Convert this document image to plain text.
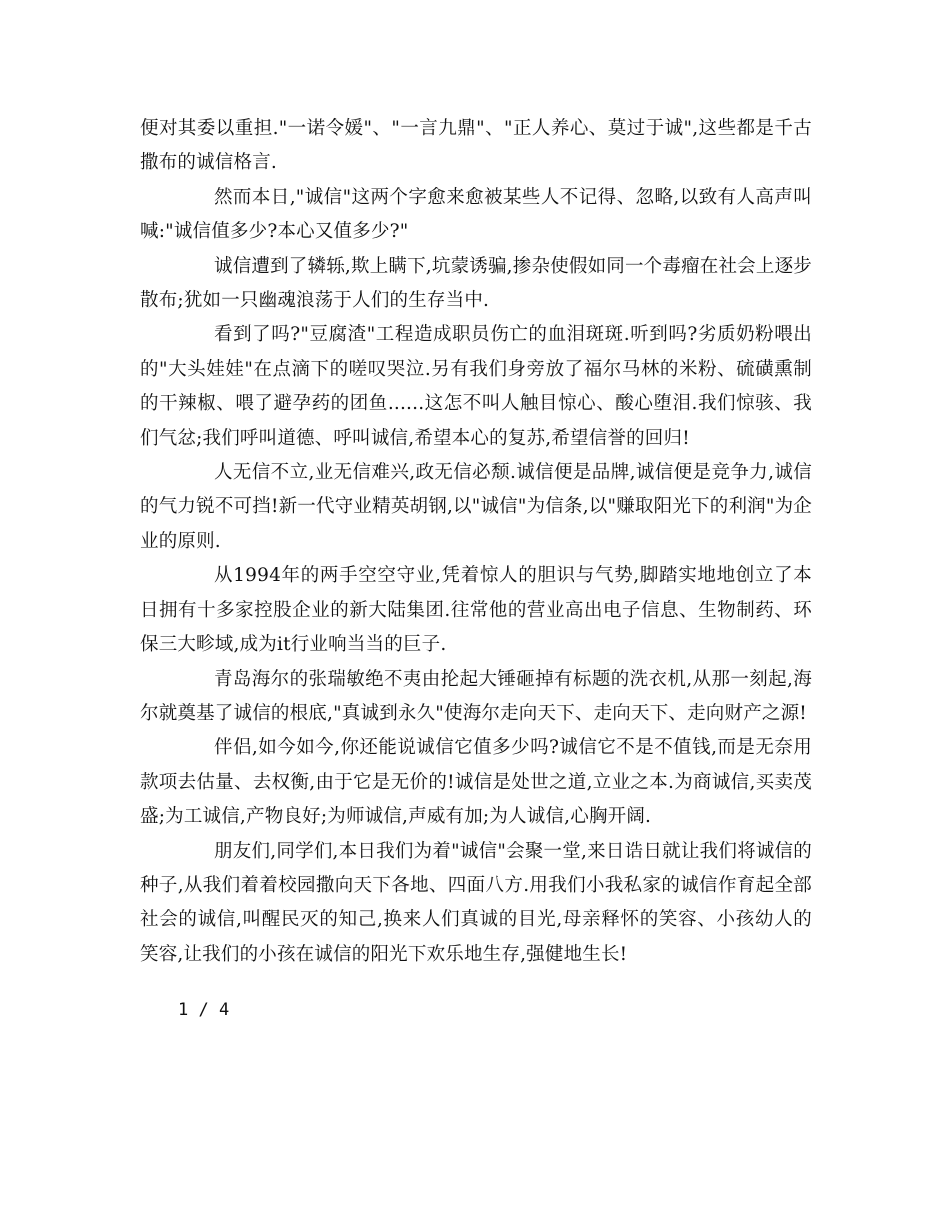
便对其委以重担."一诺令媛"、"一言九鼎"、"正人养心、莫过于诚",这些都是千古撒布的诚信格言.

然而本日,"诚信"这两个字愈来愈被某些人不记得、忽略,以致有人高声叫喊:"诚信值多少?本心又值多少?"

诚信遭到了辚轹,欺上瞒下,坑蒙诱骗,掺杂使假如同一个毒瘤在社会上逐步散布;犹如一只幽魂浪荡于人们的生存当中.

看到了吗?"豆腐渣"工程造成职员伤亡的血泪斑斑.听到吗?劣质奶粉喂出的"大头娃娃"在点滴下的嗟叹哭泣.另有我们身旁放了福尔马林的米粉、硫磺熏制的干辣椒、喂了避孕药的团鱼......这怎不叫人触目惊心、酸心堕泪.我们惊骇、我们气忿;我们呼叫道德、呼叫诚信,希望本心的复苏,希望信誉的回归!

人无信不立,业无信难兴,政无信必颓.诚信便是品牌,诚信便是竞争力,诚信的气力锐不可挡!新一代守业精英胡钢,以"诚信"为信条,以"赚取阳光下的利润"为企业的原则.

从1994年的两手空空守业,凭着惊人的胆识与气势,脚踏实地地创立了本日拥有十多家控股企业的新大陆集团.往常他的营业高出电子信息、生物制药、环保三大畛域,成为it行业响当当的巨子.

青岛海尔的张瑞敏绝不夷由抡起大锤砸掉有标题的洗衣机,从那一刻起,海尔就奠基了诚信的根底,"真诚到永久"使海尔走向天下、走向天下、走向财产之源!

伴侣,如今如今,你还能说诚信它值多少吗?诚信它不是不值钱,而是无奈用款项去估量、去权衡,由于它是无价的!诚信是处世之道,立业之本.为商诚信,买卖茂盛;为工诚信,产物良好;为师诚信,声威有加;为人诚信,心胸开阔.

朋友们,同学们,本日我们为着"诚信"会聚一堂,来日诰日就让我们将诚信的种子,从我们着着校园撒向天下各地、四面八方.用我们小我私家的诚信作育起全部社会的诚信,叫醒民灭的知己,换来人们真诚的目光,母亲释怀的笑容、小孩幼人的笑容,让我们的小孩在诚信的阳光下欢乐地生存,强健地生长!

1 / 4
